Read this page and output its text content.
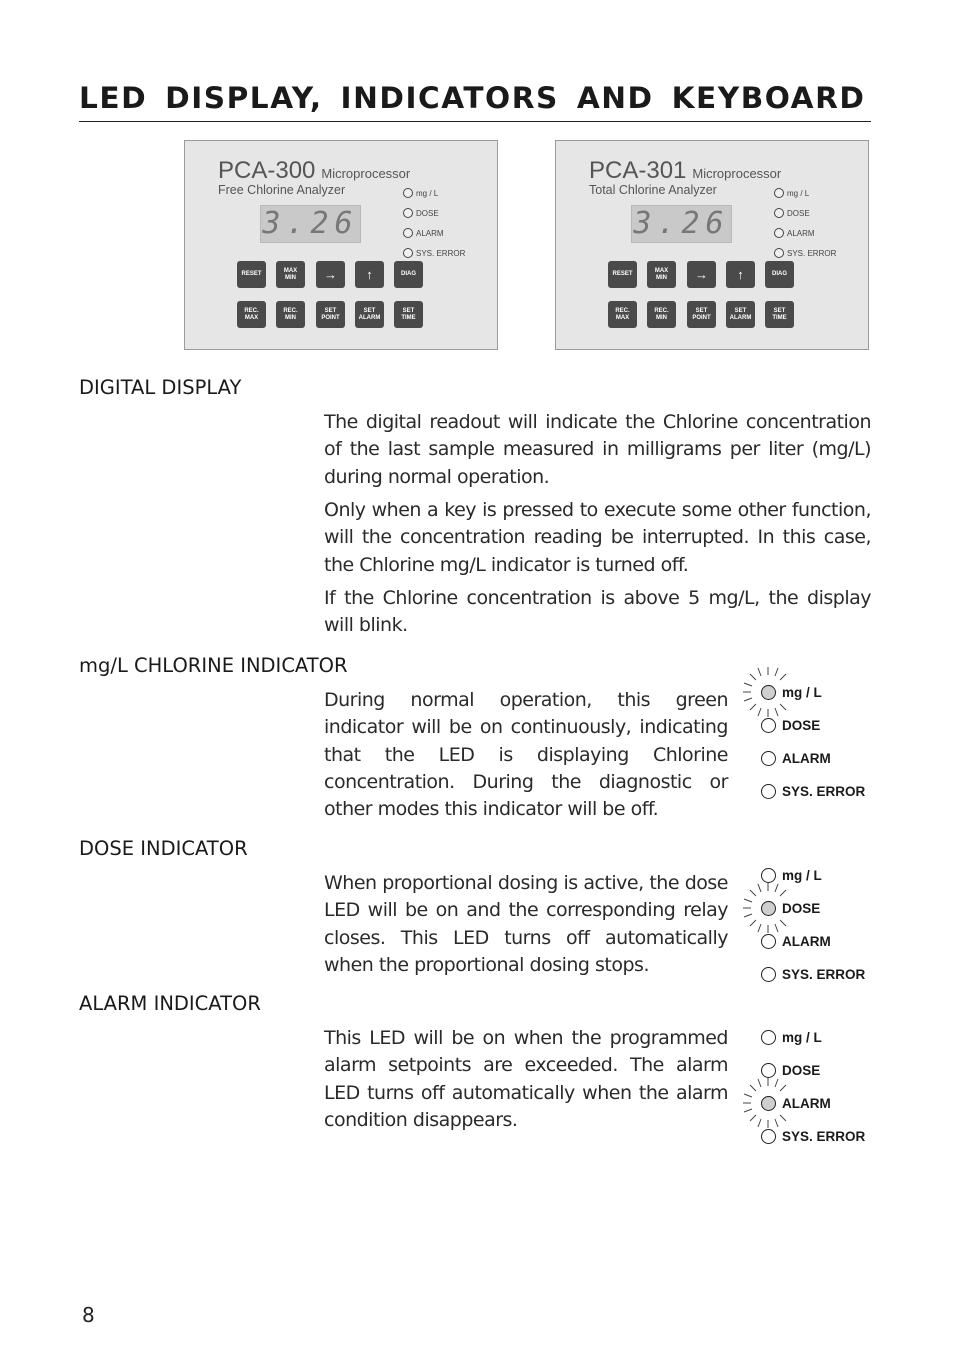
LED DISPLAY, INDICATORS AND KEYBOARD
PCA-300 Microprocessor
Free Chlorine Analyzer
3.26
mg / L
DOSE
ALARM
SYS. ERROR
RESET
MAX
MIN	→	↑	DIAG
REC.
MAX
REC.
MIN
SET
POINT
SET
ALARM
SET
TIME
PCA-301 Microprocessor
Total Chlorine Analyzer
3.26
mg / L
DOSE
ALARM
SYS. ERROR
RESET
MAX
MIN	→	↑	DIAG
REC.
MAX
REC.
MIN
SET
POINT
SET
ALARM
SET
TIME
DIGITAL DISPLAY

The digital readout will indicate the Chlorine concentration of the last sample measured in milligrams per liter (mg/L) during normal operation.

Only when a key is pressed to execute some other function, will the concentration reading be interrupted. In this case, the Chlorine mg/L indicator is turned off.

If the Chlorine concentration is above 5 mg/L, the display will blink.

mg/L CHLORINE INDICATOR

During normal operation, this green indicator will be on continuously, indicating that the LED is displaying Chlorine concentration. During the diagnostic or other modes this indicator will be off.

mg / L
DOSE
ALARM
SYS. ERROR
DOSE INDICATOR

When proportional dosing is active, the dose LED will be on and the corresponding relay closes. This LED turns off automatically when the proportional dosing stops.

mg / L
DOSE
ALARM
SYS. ERROR
ALARM INDICATOR

This LED will be on when the programmed alarm setpoints are exceeded. The alarm LED turns off automatically when the alarm condition disappears.

mg / L
DOSE
ALARM
SYS. ERROR
8
